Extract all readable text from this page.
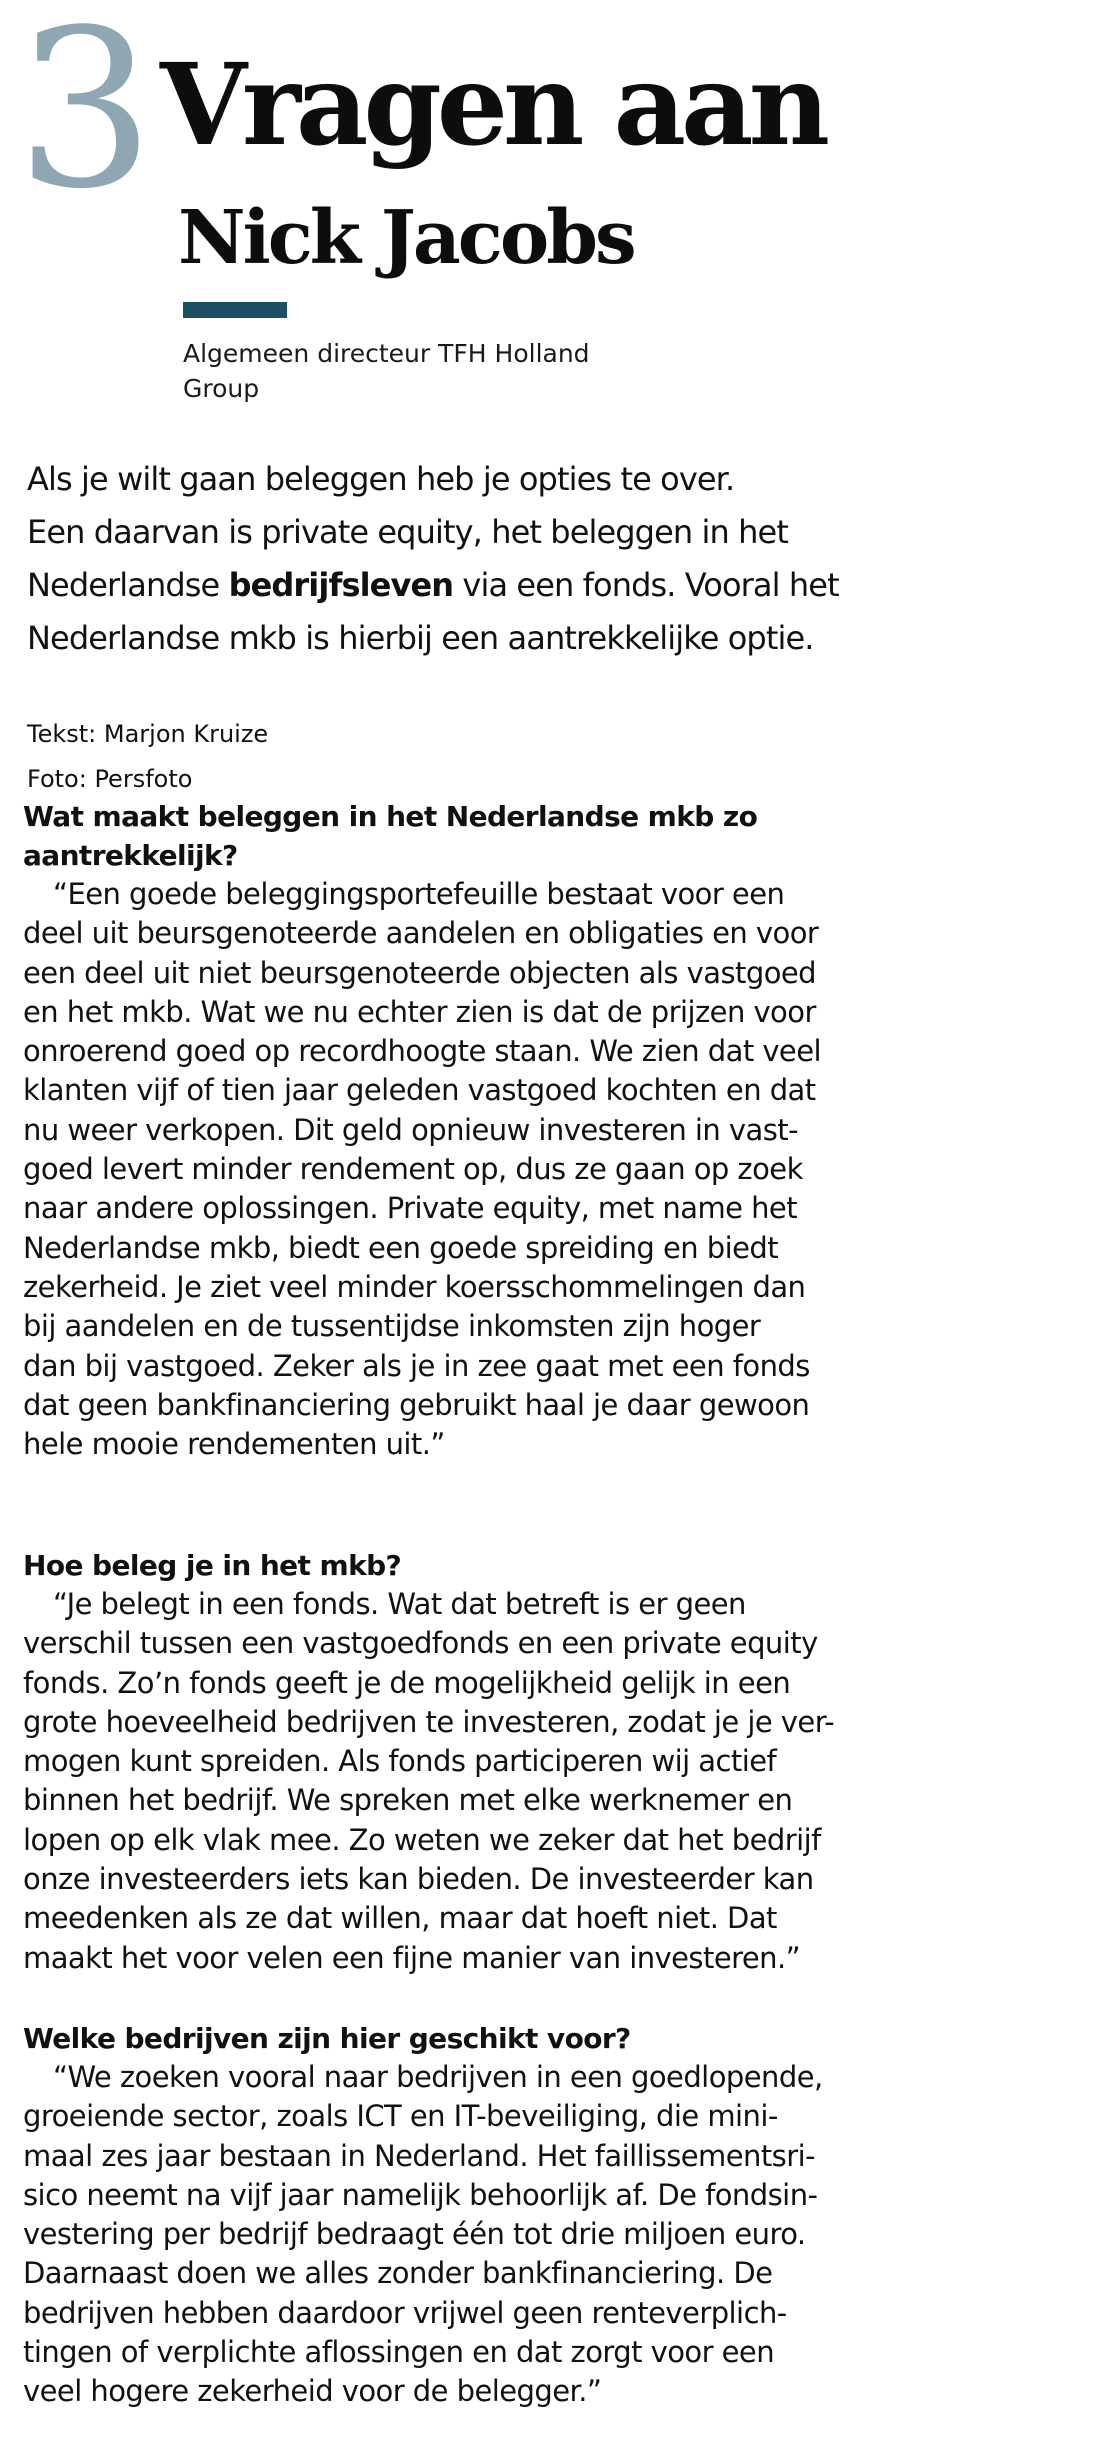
3 Vragen aan
Nick Jacobs
Algemeen directeur TFH Holland
Group
Als je wilt gaan beleggen heb je opties te over.
Een daarvan is private equity, het beleggen in het
Nederlandse bedrijfsleven via een fonds. Vooral het
Nederlandse mkb is hierbij een aantrekkelijke optie.
Tekst: Marjon Kruize
Foto: Persfoto
Wat maakt beleggen in het Nederlandse mkb zo
aantrekkelijk?
“Een goede beleggingsportefeuille bestaat voor een
deel uit beursgenoteerde aandelen en obligaties en voor
een deel uit niet beursgenoteerde objecten als vastgoed
en het mkb. Wat we nu echter zien is dat de prijzen voor
onroerend goed op recordhoogte staan. We zien dat veel
klanten vijf of tien jaar geleden vastgoed kochten en dat
nu weer verkopen. Dit geld opnieuw investeren in vast-
goed levert minder rendement op, dus ze gaan op zoek
naar andere oplossingen. Private equity, met name het
Nederlandse mkb, biedt een goede spreiding en biedt
zekerheid. Je ziet veel minder koersschommelingen dan
bij aandelen en de tussentijdse inkomsten zijn hoger
dan bij vastgoed. Zeker als je in zee gaat met een fonds
dat geen bankfinanciering gebruikt haal je daar gewoon
hele mooie rendementen uit.”
Hoe beleg je in het mkb?
“Je belegt in een fonds. Wat dat betreft is er geen
verschil tussen een vastgoedfonds en een private equity
fonds. Zo’n fonds geeft je de mogelijkheid gelijk in een
grote hoeveelheid bedrijven te investeren, zodat je je ver-
mogen kunt spreiden. Als fonds participeren wij actief
binnen het bedrijf. We spreken met elke werknemer en
lopen op elk vlak mee. Zo weten we zeker dat het bedrijf
onze investeerders iets kan bieden. De investeerder kan
meedenken als ze dat willen, maar dat hoeft niet. Dat
maakt het voor velen een fijne manier van investeren.”
Welke bedrijven zijn hier geschikt voor?
“We zoeken vooral naar bedrijven in een goedlopende,
groeiende sector, zoals ICT en IT-beveiliging, die mini-
maal zes jaar bestaan in Nederland. Het faillissementsri-
sico neemt na vijf jaar namelijk behoorlijk af. De fondsin-
vestering per bedrijf bedraagt één tot drie miljoen euro.
Daarnaast doen we alles zonder bankfinanciering. De
bedrijven hebben daardoor vrijwel geen renteverplich-
tingen of verplichte aflossingen en dat zorgt voor een
veel hogere zekerheid voor de belegger.”
